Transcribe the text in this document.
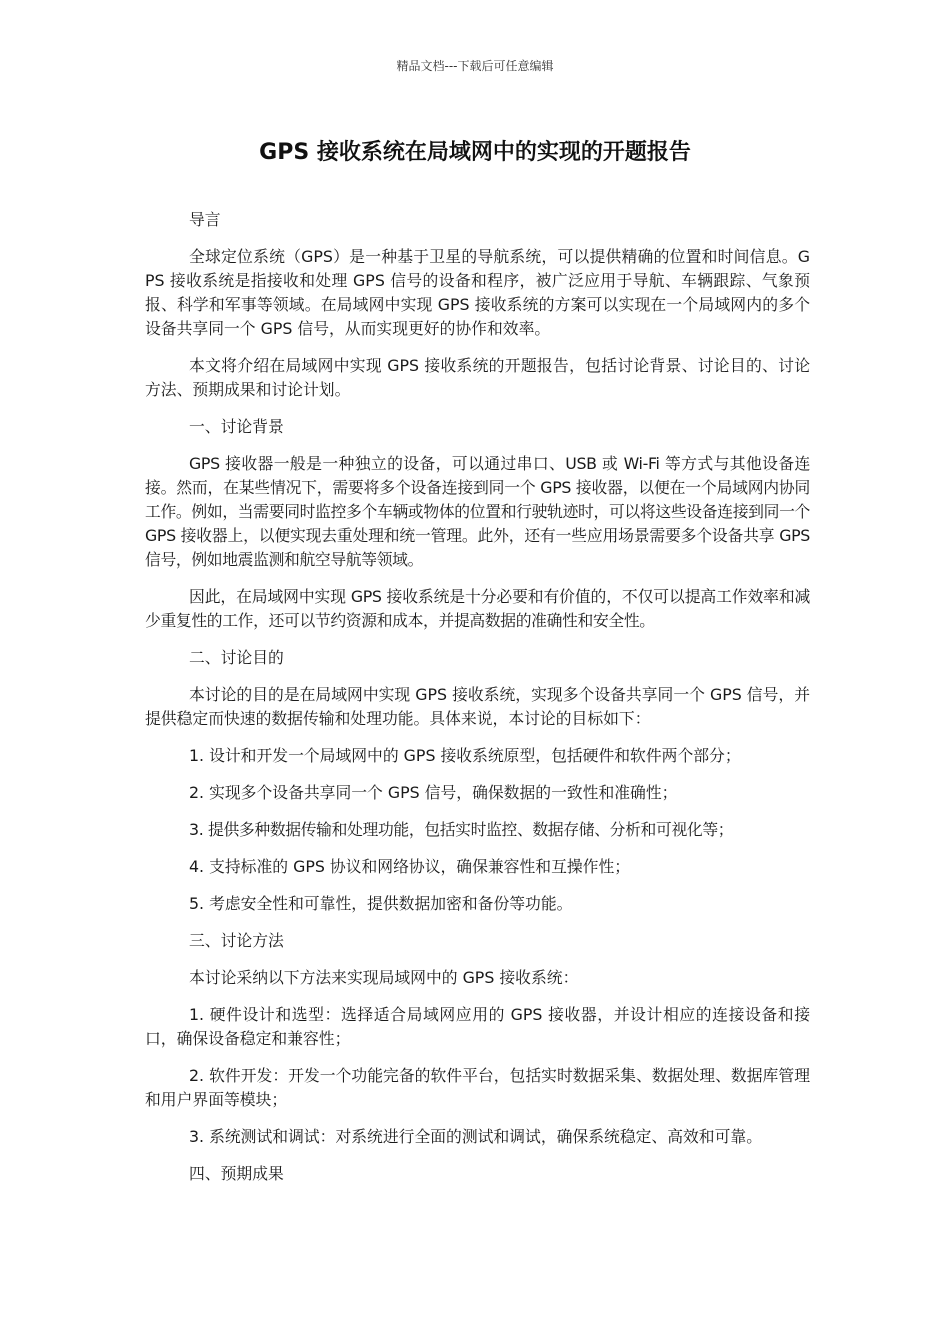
精品文档---下载后可任意编辑
GPS 接收系统在局域网中的实现的开题报告

导言

全球定位系统（GPS）是一种基于卫星的导航系统，可以提供精确的位置和时间信息。GPS 接收系统是指接收和处理 GPS 信号的设备和程序，被广泛应用于导航、车辆跟踪、气象预报、科学和军事等领域。在局域网中实现 GPS 接收系统的方案可以实现在一个局域网内的多个设备共享同一个 GPS 信号，从而实现更好的协作和效率。

本文将介绍在局域网中实现 GPS 接收系统的开题报告，包括讨论背景、讨论目的、讨论方法、预期成果和讨论计划。

一、讨论背景

GPS 接收器一般是一种独立的设备，可以通过串口、USB 或 Wi-Fi 等方式与其他设备连接。然而，在某些情况下，需要将多个设备连接到同一个 GPS 接收器，以便在一个局域网内协同工作。例如，当需要同时监控多个车辆或物体的位置和行驶轨迹时，可以将这些设备连接到同一个 GPS 接收器上，以便实现去重处理和统一管理。此外，还有一些应用场景需要多个设备共享 GPS 信号，例如地震监测和航空导航等领域。

因此，在局域网中实现 GPS 接收系统是十分必要和有价值的，不仅可以提高工作效率和减少重复性的工作，还可以节约资源和成本，并提高数据的准确性和安全性。

二、讨论目的

本讨论的目的是在局域网中实现 GPS 接收系统，实现多个设备共享同一个 GPS 信号，并提供稳定而快速的数据传输和处理功能。具体来说，本讨论的目标如下：

1. 设计和开发一个局域网中的 GPS 接收系统原型，包括硬件和软件两个部分；

2. 实现多个设备共享同一个 GPS 信号，确保数据的一致性和准确性；

3. 提供多种数据传输和处理功能，包括实时监控、数据存储、分析和可视化等；

4. 支持标准的 GPS 协议和网络协议，确保兼容性和互操作性；

5. 考虑安全性和可靠性，提供数据加密和备份等功能。

三、讨论方法

本讨论采纳以下方法来实现局域网中的 GPS 接收系统：

1. 硬件设计和选型：选择适合局域网应用的 GPS 接收器，并设计相应的连接设备和接口，确保设备稳定和兼容性；

2. 软件开发：开发一个功能完备的软件平台，包括实时数据采集、数据处理、数据库管理和用户界面等模块；

3. 系统测试和调试：对系统进行全面的测试和调试，确保系统稳定、高效和可靠。

四、预期成果
